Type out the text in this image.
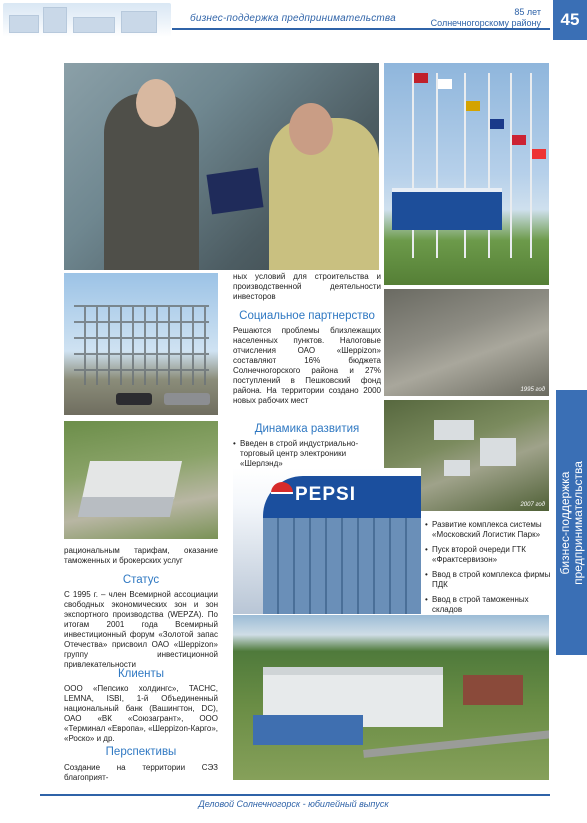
бизнес-поддержка предпринимательства
85 лет
Солнечногорскому району	45
1995 год
2007 год
PEPSI
ных условий для строительства и производственной деятельности инвесторов
Социальное партнерство
Решаются проблемы близлежащих населенных пунктов. Налоговые отчисления ОАО «Шеррizon» составляют 16% бюджета Солнечногорского района и 27% поступлений в Пешковский фонд района. На территории создано 2000 новых рабочих мест
Динамика развития
• Введен в строй индустриально-торговый центр электроники «Шерлэнд»
рациональным тарифам, оказание таможенных и брокерских услуг
Статус
С 1995 г. – член Всемирной ассоциации свободных экономических зон и зон экспортного производства (WEPZA). По итогам 2001 года Всемирный инвестиционный форум «Золотой запас Отечества» присвоил ОАО «Шеррizon» группу инвестиционной привлекательности
Клиенты
ООО «Пепсико холдингс», TACHC, LEMNA, ISBI, 1-й Объединенный национальный банк (Вашингтон, DC), ОАО «ВК «Союзагрант», ООО «Терминал «Европа», «Шеррizon-Карго», «Роско» и др.
Перспективы
Создание на территории СЭЗ благоприят-
• Развитие комплекса системы «Московский Логистик Парк»
• Пуск второй очереди ГТК «Фрактсервизон»
• Ввод в строй комплекса фирмы ПДК
• Ввод в строй таможенных складов
бизнес-поддержка предпринимательства
Деловой Солнечногорск - юбилейный выпуск
